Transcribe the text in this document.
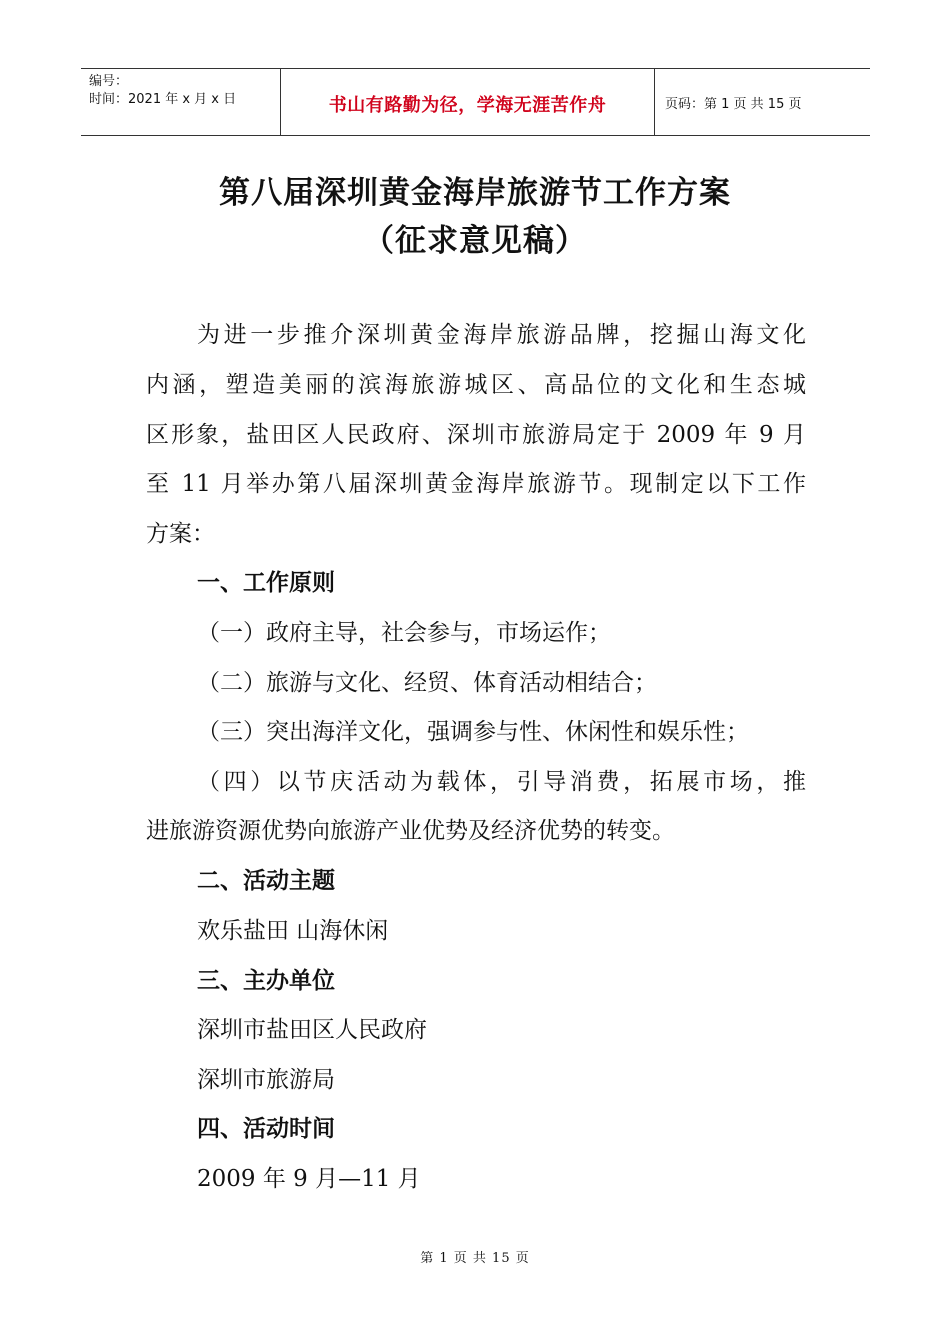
编号：
时间：2021 年 x 月 x 日	书山有路勤为径，学海无涯苦作舟	页码：第 1 页 共 15 页
第八届深圳黄金海岸旅游节工作方案
（征求意见稿）
为进一步推介深圳黄金海岸旅游品牌，挖掘山海文化
内涵，塑造美丽的滨海旅游城区、高品位的文化和生态城
区形象，盐田区人民政府、深圳市旅游局定于 2009 年 9 月
至 11 月举办第八届深圳黄金海岸旅游节。现制定以下工作
方案：
一、工作原则
（一）政府主导，社会参与，市场运作；
（二）旅游与文化、经贸、体育活动相结合；
（三）突出海洋文化，强调参与性、休闲性和娱乐性；
（四）以节庆活动为载体，引导消费，拓展市场，推
进旅游资源优势向旅游产业优势及经济优势的转变。
二、活动主题
欢乐盐田 山海休闲
三、主办单位
深圳市盐田区人民政府
深圳市旅游局
四、活动时间
2009 年 9 月—11 月
第 1 页 共 15 页
